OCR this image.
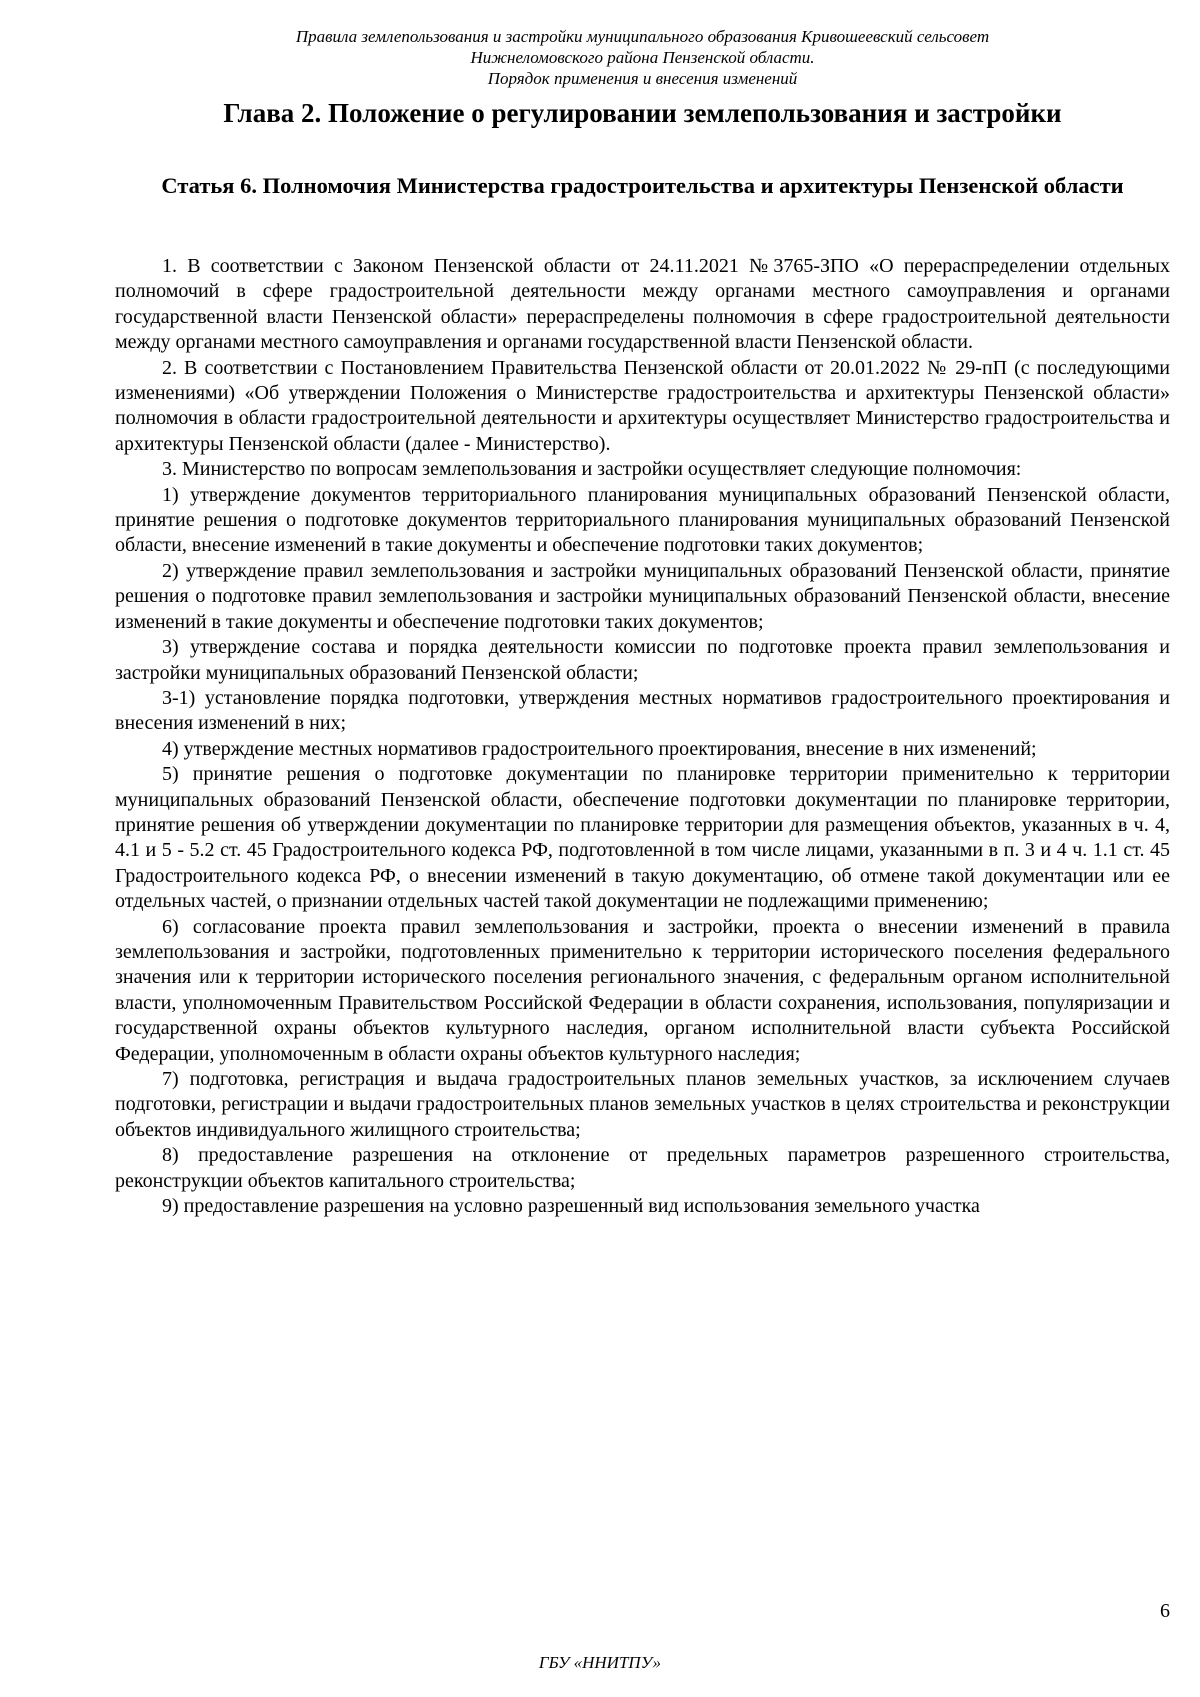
Правила землепользования и застройки муниципального образования Кривошеевский сельсовет
Нижнеломовского района Пензенской области.
Порядок применения и внесения изменений
Глава 2. Положение о регулировании землепользования и застройки
Статья 6. Полномочия Министерства градостроительства и архитектуры Пензенской области

1. В соответствии с Законом Пензенской области от 24.11.2021 №3765-ЗПО «О перераспределении отдельных полномочий в сфере градостроительной деятельности между органами местного самоуправления и органами государственной власти Пензенской области» перераспределены полномочия в сфере градостроительной деятельности между органами местного самоуправления и органами государственной власти Пензенской области.

2. В соответствии с Постановлением Правительства Пензенской области от 20.01.2022 № 29-пП (с последующими изменениями) «Об утверждении Положения о Министерстве градостроительства и архитектуры Пензенской области» полномочия в области градостроительной деятельности и архитектуры осуществляет Министерство градостроительства и архитектуры Пензенской области (далее - Министерство).

3. Министерство по вопросам землепользования и застройки осуществляет следующие полномочия:

1) утверждение документов территориального планирования муниципальных образований Пензенской области, принятие решения о подготовке документов территориального планирования муниципальных образований Пензенской области, внесение изменений в такие документы и обеспечение подготовки таких документов;

2) утверждение правил землепользования и застройки муниципальных образований Пензенской области, принятие решения о подготовке правил землепользования и застройки муниципальных образований Пензенской области, внесение изменений в такие документы и обеспечение подготовки таких документов;

3) утверждение состава и порядка деятельности комиссии по подготовке проекта правил землепользования и застройки муниципальных образований Пензенской области;

3-1) установление порядка подготовки, утверждения местных нормативов градостроительного проектирования и внесения изменений в них;

4) утверждение местных нормативов градостроительного проектирования, внесение в них изменений;

5) принятие решения о подготовке документации по планировке территории применительно к территории муниципальных образований Пензенской области, обеспечение подготовки документации по планировке территории, принятие решения об утверждении документации по планировке территории для размещения объектов, указанных в ч. 4, 4.1 и 5 - 5.2 ст. 45 Градостроительного кодекса РФ, подготовленной в том числе лицами, указанными в п. 3 и 4 ч. 1.1 ст. 45 Градостроительного кодекса РФ, о внесении изменений в такую документацию, об отмене такой документации или ее отдельных частей, о признании отдельных частей такой документации не подлежащими применению;

6) согласование проекта правил землепользования и застройки, проекта о внесении изменений в правила землепользования и застройки, подготовленных применительно к территории исторического поселения федерального значения или к территории исторического поселения регионального значения, с федеральным органом исполнительной власти, уполномоченным Правительством Российской Федерации в области сохранения, использования, популяризации и государственной охраны объектов культурного наследия, органом исполнительной власти субъекта Российской Федерации, уполномоченным в области охраны объектов культурного наследия;

7) подготовка, регистрация и выдача градостроительных планов земельных участков, за исключением случаев подготовки, регистрации и выдачи градостроительных планов земельных участков в целях строительства и реконструкции объектов индивидуального жилищного строительства;

8) предоставление разрешения на отклонение от предельных параметров разрешенного строительства, реконструкции объектов капитального строительства;

9) предоставление разрешения на условно разрешенный вид использования земельного участка

6
ГБУ «ННИТПУ»
